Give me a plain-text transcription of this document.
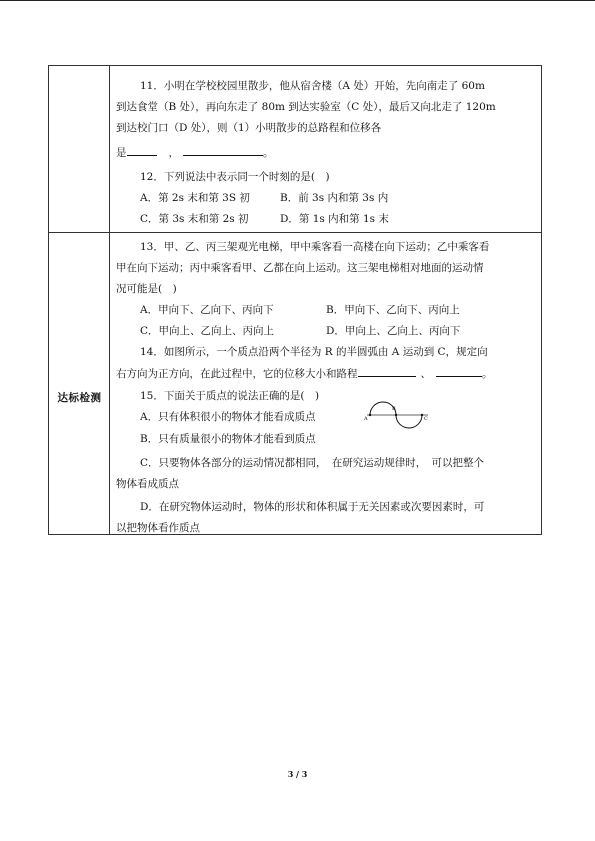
达标检测
11．小明在学校校园里散步，他从宿舍楼（A 处）开始，先向南走了 60m
到达食堂（B 处），再向东走了 80m 到达实验室（C 处），最后又向北走了 120m
到达校门口（D 处），则（1）小明散步的总路程和位移各
是	，	。
12．下列说法中表示同一个时刻的是(　)
A．第 2s 末和第 3S 初	B．前 3s 内和第 3s 内
C．第 3s 末和第 2s 初	D．第 1s 内和第 1s 末
13．甲、乙、丙三架观光电梯，甲中乘客看一高楼在向下运动；乙中乘客看
甲在向下运动；丙中乘客看甲、乙都在向上运动。这三架电梯相对地面的运动情
况可能是(　)
A．甲向下、乙向下、丙向下	B．甲向下、乙向下、丙向上
C．甲向上、乙向上、丙向上	D．甲向上、乙向上、丙向下
14．如图所示，一个质点沿两个半径为 R 的半圆弧由 A 运动到 C，规定向
右方向为正方向，在此过程中，它的位移大小和路程	、	。
15．下面关于质点的说法正确的是(　)
A．只有体积很小的物体才能看成质点
B．只有质量很小的物体才能看到质点
C．只要物体各部分的运动情况都相同，　在研究运动规律时，　可以把整个
物体看成质点
D．在研究物体运动时，物体的形状和体积属于无关因素或次要因素时，可
以把物体看作质点
A
B
C
3 / 3
